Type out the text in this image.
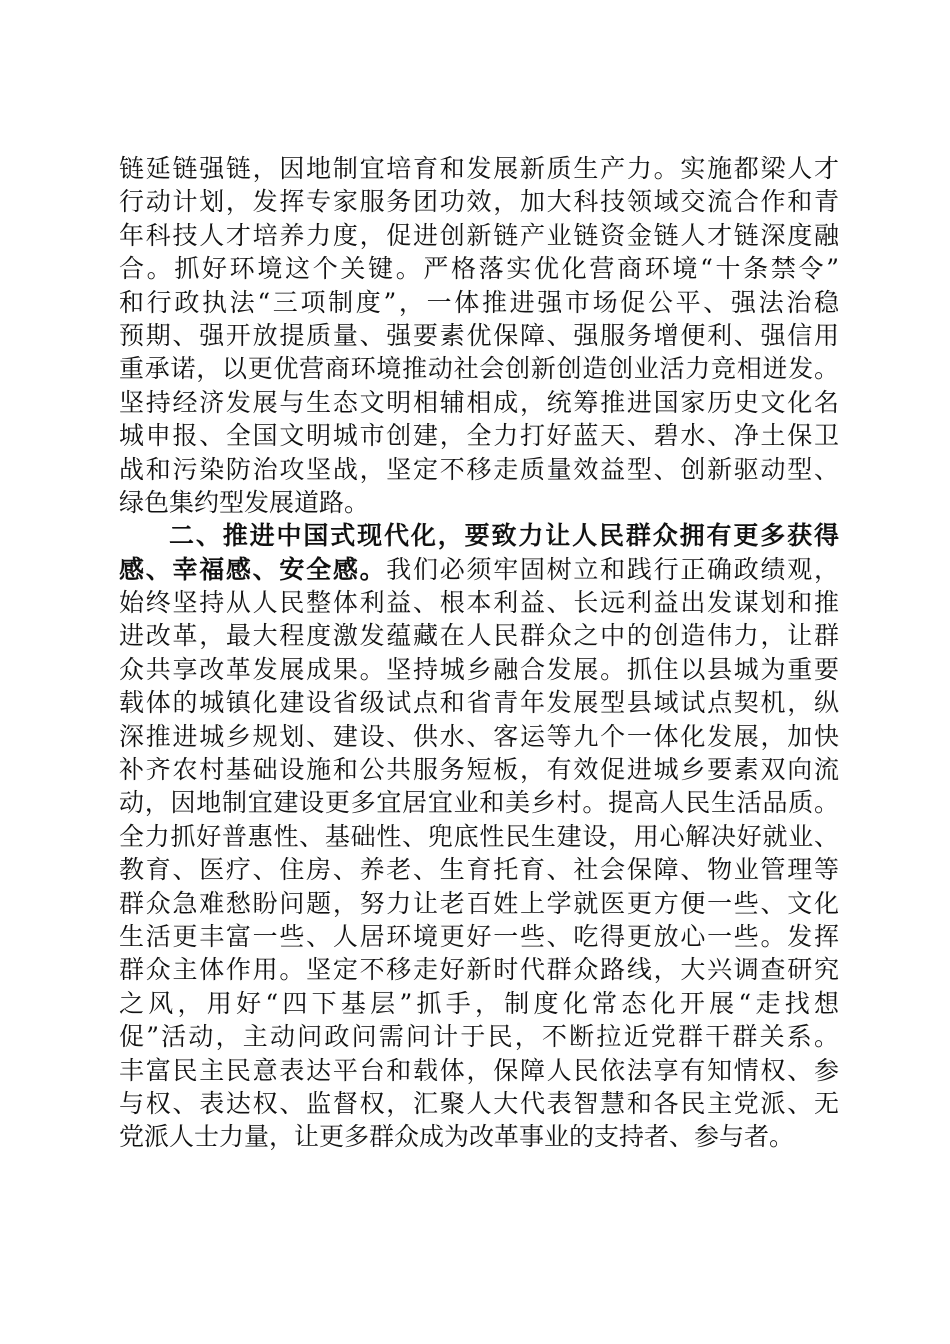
链延链强链，因地制宜培育和发展新质生产力。实施都梁人才
行动计划，发挥专家服务团功效，加大科技领域交流合作和青
年科技人才培养力度，促进创新链产业链资金链人才链深度融
合。抓好环境这个关键。严格落实优化营商环境“十条禁令”
和行政执法“三项制度”，一体推进强市场促公平、强法治稳
预期、强开放提质量、强要素优保障、强服务增便利、强信用
重承诺，以更优营商环境推动社会创新创造创业活力竞相迸发。
坚持经济发展与生态文明相辅相成，统筹推进国家历史文化名
城申报、全国文明城市创建，全力打好蓝天、碧水、净土保卫
战和污染防治攻坚战，坚定不移走质量效益型、创新驱动型、
绿色集约型发展道路。
二、推进中国式现代化，要致力让人民群众拥有更多获得
感、幸福感、安全感。我们必须牢固树立和践行正确政绩观，
始终坚持从人民整体利益、根本利益、长远利益出发谋划和推
进改革，最大程度激发蕴藏在人民群众之中的创造伟力，让群
众共享改革发展成果。坚持城乡融合发展。抓住以县城为重要
载体的城镇化建设省级试点和省青年发展型县域试点契机，纵
深推进城乡规划、建设、供水、客运等九个一体化发展，加快
补齐农村基础设施和公共服务短板，有效促进城乡要素双向流
动，因地制宜建设更多宜居宜业和美乡村。提高人民生活品质。
全力抓好普惠性、基础性、兜底性民生建设，用心解决好就业、
教育、医疗、住房、养老、生育托育、社会保障、物业管理等
群众急难愁盼问题，努力让老百姓上学就医更方便一些、文化
生活更丰富一些、人居环境更好一些、吃得更放心一些。发挥
群众主体作用。坚定不移走好新时代群众路线，大兴调查研究
之风，用好“四下基层”抓手，制度化常态化开展“走找想
促”活动，主动问政问需问计于民，不断拉近党群干群关系。
丰富民主民意表达平台和载体，保障人民依法享有知情权、参
与权、表达权、监督权，汇聚人大代表智慧和各民主党派、无
党派人士力量，让更多群众成为改革事业的支持者、参与者。
